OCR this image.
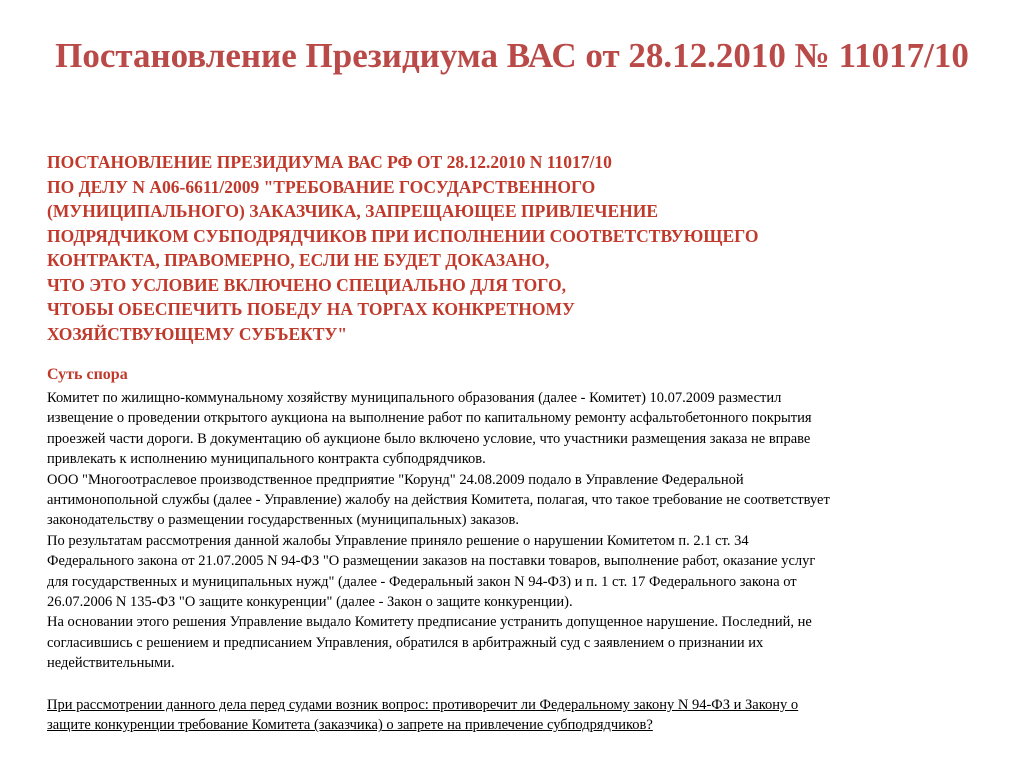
Постановление Президиума ВАС от 28.12.2010 № 11017/10
ПОСТАНОВЛЕНИЕ ПРЕЗИДИУМА ВАС РФ ОТ 28.12.2010 N 11017/10
ПО ДЕЛУ N А06-6611/2009 "ТРЕБОВАНИЕ ГОСУДАРСТВЕННОГО
(МУНИЦИПАЛЬНОГО) ЗАКАЗЧИКА, ЗАПРЕЩАЮЩЕЕ ПРИВЛЕЧЕНИЕ
ПОДРЯДЧИКОМ СУБПОДРЯДЧИКОВ ПРИ ИСПОЛНЕНИИ СООТВЕТСТВУЮЩЕГО
КОНТРАКТА, ПРАВОМЕРНО, ЕСЛИ НЕ БУДЕТ ДОКАЗАНО,
ЧТО ЭТО УСЛОВИЕ ВКЛЮЧЕНО СПЕЦИАЛЬНО ДЛЯ ТОГО,
ЧТОБЫ ОБЕСПЕЧИТЬ ПОБЕДУ НА ТОРГАХ КОНКРЕТНОМУ
ХОЗЯЙСТВУЮЩЕМУ СУБЪЕКТУ"
Суть спора
Комитет по жилищно-коммунальному хозяйству муниципального образования (далее - Комитет) 10.07.2009 разместил
извещение о проведении открытого аукциона на выполнение работ по капитальному ремонту асфальтобетонного покрытия
проезжей части дороги. В документацию об аукционе было включено условие, что участники размещения заказа не вправе
привлекать к исполнению муниципального контракта субподрядчиков.
ООО "Многоотраслевое производственное предприятие "Корунд" 24.08.2009 подало в Управление Федеральной
антимонопольной службы (далее - Управление) жалобу на действия Комитета, полагая, что такое требование не соответствует
законодательству о размещении государственных (муниципальных) заказов.
По результатам рассмотрения данной жалобы Управление приняло решение о нарушении Комитетом п. 2.1 ст. 34
Федерального закона от 21.07.2005 N 94-ФЗ "О размещении заказов на поставки товаров, выполнение работ, оказание услуг
для государственных и муниципальных нужд" (далее - Федеральный закон N 94-ФЗ) и п. 1 ст. 17 Федерального закона от
26.07.2006 N 135-ФЗ "О защите конкуренции" (далее - Закон о защите конкуренции).
На основании этого решения Управление выдало Комитету предписание устранить допущенное нарушение. Последний, не
согласившись с решением и предписанием Управления, обратился в арбитражный суд с заявлением о признании их
недействительными.
При рассмотрении данного дела перед судами возник вопрос: противоречит ли Федеральному закону N 94-ФЗ и Закону о
защите конкуренции требование Комитета (заказчика) о запрете на привлечение субподрядчиков?
